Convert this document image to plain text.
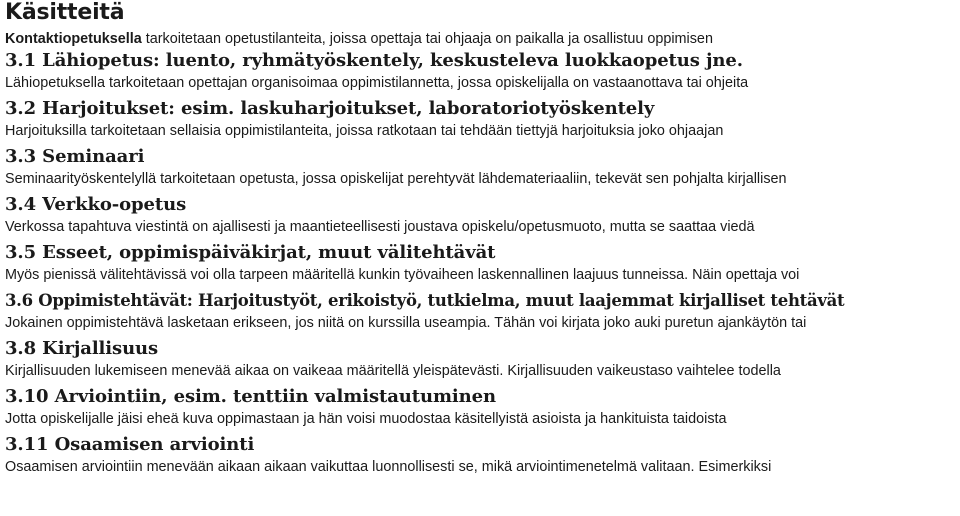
Käsitteitä

Kontaktiopetuksella tarkoitetaan opetustilanteita, joissa opettaja tai ohjaaja on paikalla ja osallistuu oppimisen

3.1 Lähiopetus: luento, ryhmätyöskentely, keskusteleva luokkaopetus jne.

Lähiopetuksella tarkoitetaan opettajan organisoimaa oppimistilannetta, jossa opiskelijalla on vastaanottava tai ohjeita

3.2 Harjoitukset: esim. laskuharjoitukset, laboratoriotyöskentely

Harjoituksilla tarkoitetaan sellaisia oppimistilanteita, joissa ratkotaan tai tehdään tiettyjä harjoituksia joko ohjaajan

3.3 Seminaari

Seminaarityöskentelyllä tarkoitetaan opetusta, jossa opiskelijat perehtyvät lähdemateriaaliin, tekevät sen pohjalta kirjallisen

3.4 Verkko-opetus

Verkossa tapahtuva viestintä on ajallisesti ja maantieteellisesti joustava opiskelu/opetusmuoto, mutta se saattaa viedä

3.5 Esseet, oppimispäiväkirjat, muut välitehtävät

Myös pienissä välitehtävissä voi olla tarpeen määritellä kunkin työvaiheen laskennallinen laajuus tunneissa. Näin opettaja voi

3.6 Oppimistehtävät: Harjoitustyöt, erikoistyö, tutkielma, muut laajemmat kirjalliset tehtävät

Jokainen oppimistehtävä lasketaan erikseen, jos niitä on kurssilla useampia. Tähän voi kirjata joko auki puretun ajankäytön tai

3.8 Kirjallisuus

Kirjallisuuden lukemiseen menevää aikaa on vaikeaa määritellä yleispätevästi. Kirjallisuuden vaikeustaso vaihtelee todella

3.10 Arviointiin, esim. tenttiin valmistautuminen

Jotta opiskelijalle jäisi eheä kuva oppimastaan ja hän voisi muodostaa käsitellyistä asioista ja hankituista taidoista

3.11 Osaamisen arviointi

Osaamisen arviointiin menevään aikaan aikaan vaikuttaa luonnollisesti se, mikä arviointimenetelmä valitaan. Esimerkiksi
